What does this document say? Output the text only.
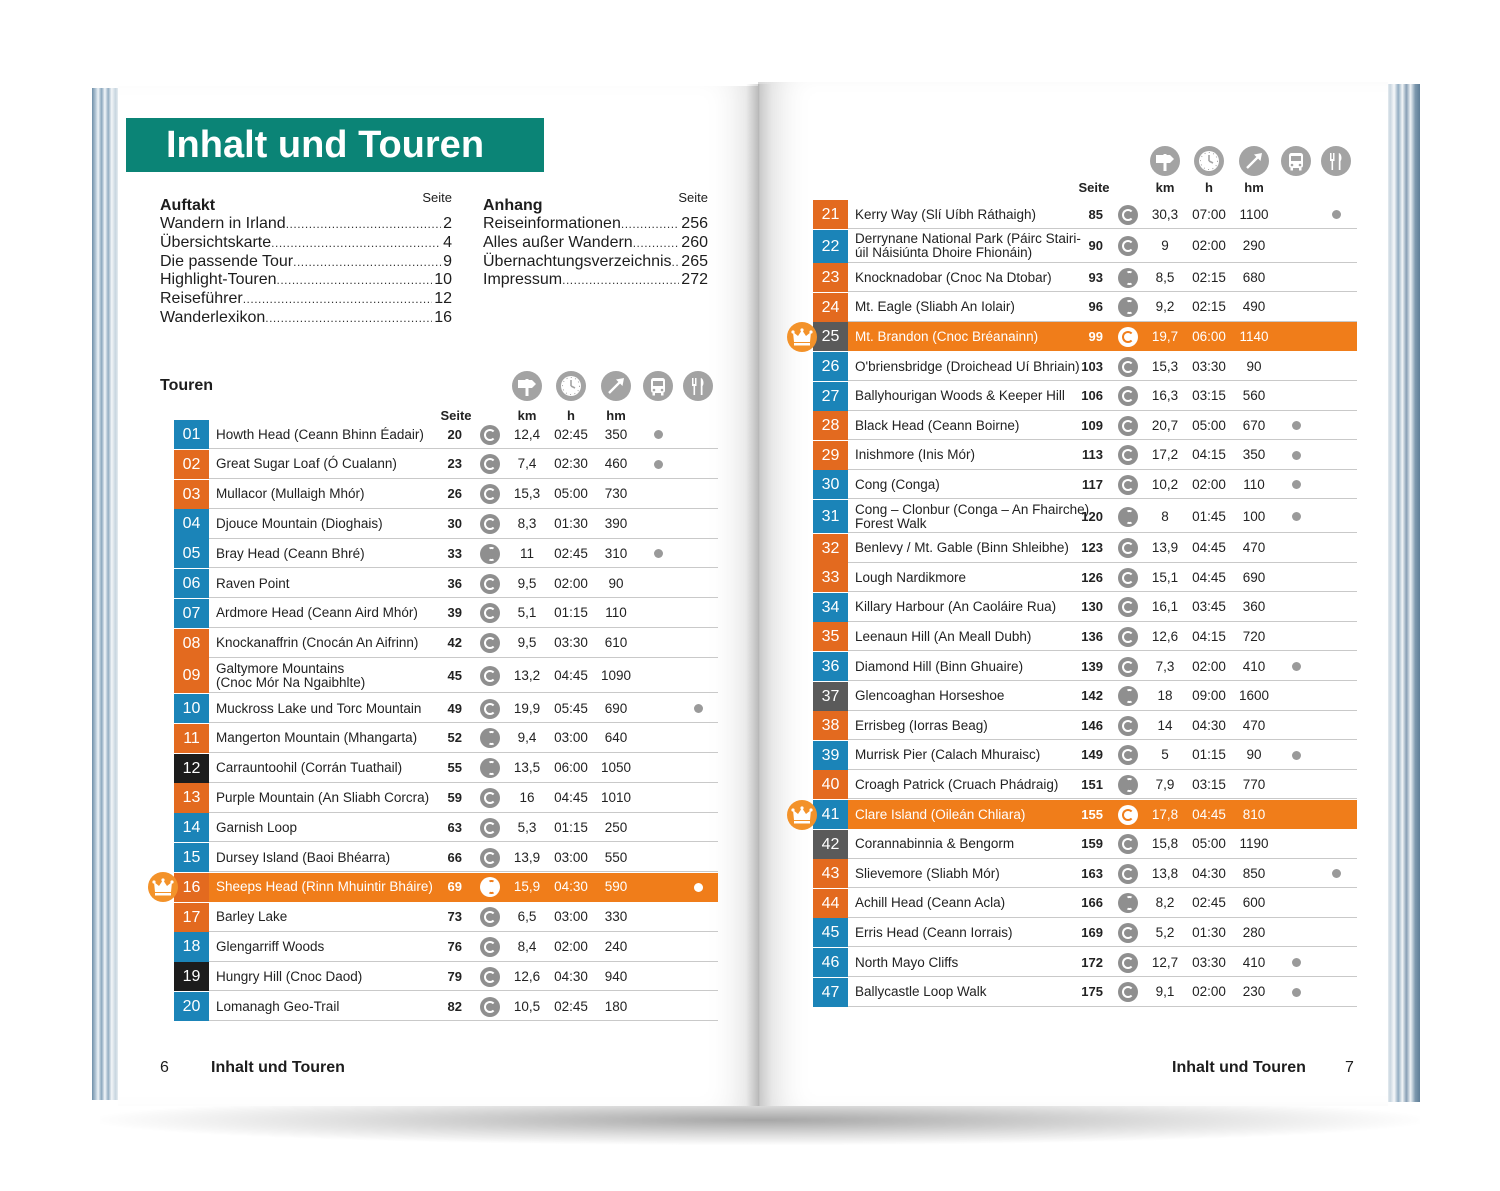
Inhalt und Touren
Auftakt	Seite
Wandern in Irland .....	2
Übersichtskarte .....	4
Die passende Tour .....	9
Highlight-Touren .....	10
Reiseführer .....	12
Wanderlexikon .....	16
Anhang	Seite
Reiseinformationen .....	256
Alles außer Wandern .....	260
Übernachtungsverzeichnis ..... 265
Impressum .....	272
Touren
Seite	km	h	hm
Seite	km	h	hm
01	Howth Head (Ceann Bhinn Éadair)	20	12,4	02:45	350
02	Great Sugar Loaf (Ó Cualann)	23	7,4	02:30	460
03	Mullacor (Mullaigh Mhór)	26	15,3	05:00	730
04	Djouce Mountain (Dioghais)	30	8,3	01:30	390
05	Bray Head (Ceann Bhré)	33	11	02:45	310
06	Raven Point	36	9,5	02:00	90
07	Ardmore Head (Ceann Aird Mhór)	39	5,1	01:15	110
08	Knockanaffrin (Cnocán An Aifrinn)	42	9,5	03:30	610
09	Galtymore Mountains
(Cnoc Mór Na Ngaibhlte)	45	13,2	04:45 1090
10	Muckross Lake und Torc Mountain	49	19,9	05:45	690
11	Mangerton Mountain (Mhangarta)	52	9,4	03:00	640
12	Carrauntoohil (Corrán Tuathail)	55	13,5	06:00 1050
13	Purple Mountain (An Sliabh Corcra)	59	16	04:45 1010
14	Garnish Loop	63	5,3	01:15	250
15	Dursey Island (Baoi Bhéarra)	66	13,9	03:00	550
16	Sheeps Head (Rinn Mhuintir Bháire)	69	15,9	04:30	590
17	Barley Lake	73	6,5	03:00	330
18	Glengarriff Woods	76	8,4	02:00	240
19	Hungry Hill (Cnoc Daod)	79	12,6	04:30	940
20	Lomanagh Geo-Trail	82	10,5	02:45	180
21	Kerry Way (Slí Uíbh Ráthaigh)	85	30,3	07:00	1100
22	Derrynane National Park (Páirc Stairi-
úil Náisiúnta Dhoire Fhionáin)	90	9	02:00	290
23	Knocknadobar (Cnoc Na Dtobar)	93	8,5	02:15	680
24	Mt. Eagle (Sliabh An Iolair)	96	9,2	02:15	490
25	Mt. Brandon (Cnoc Bréanainn)	99	19,7	06:00	1140
26	O'briensbridge (Droichead Uí Bhriain) 103	15,3	03:30	90
27	Ballyhourigan Woods & Keeper Hill	106	16,3	03:15	560
28	Black Head (Ceann Boirne)	109	20,7	05:00	670
29	Inishmore (Inis Mór)	113	17,2	04:15	350
30	Cong (Conga)	117	10,2	02:00	110
31	Cong – Clonbur (Conga – An Fhairche)
Forest Walk	120	8	01:45	100
32	Benlevy / Mt. Gable (Binn Shleibhe) 123	13,9	04:45	470
33	Lough Nardikmore	126	15,1	04:45	690
34	Killary Harbour (An Caoláire Rua)	130	16,1	03:45	360
35	Leenaun Hill (An Meall Dubh)	136	12,6	04:15	720
36	Diamond Hill (Binn Ghuaire)	139	7,3	02:00	410
37	Glencoaghan Horseshoe	142	18	09:00 1600
38	Errisbeg (Iorras Beag)	146	14	04:30	470
39	Murrisk Pier (Calach Mhuraisc)	149	5	01:15	90
40	Croagh Patrick (Cruach Phádraig)	151	7,9	03:15	770
41	Clare Island (Oileán Chliara)	155	17,8	04:45	810
42	Corannabinnia & Bengorm	159	15,8	05:00	1190
43	Slievemore (Sliabh Mór)	163	13,8	04:30	850
44	Achill Head (Ceann Acla)	166	8,2	02:45	600
45	Erris Head (Ceann Iorrais)	169	5,2	01:30	280
46	North Mayo Cliffs	172	12,7	03:30	410
47	Ballycastle Loop Walk	175	9,1	02:00	230
6	Inhalt und Touren	Inhalt und Touren 7
